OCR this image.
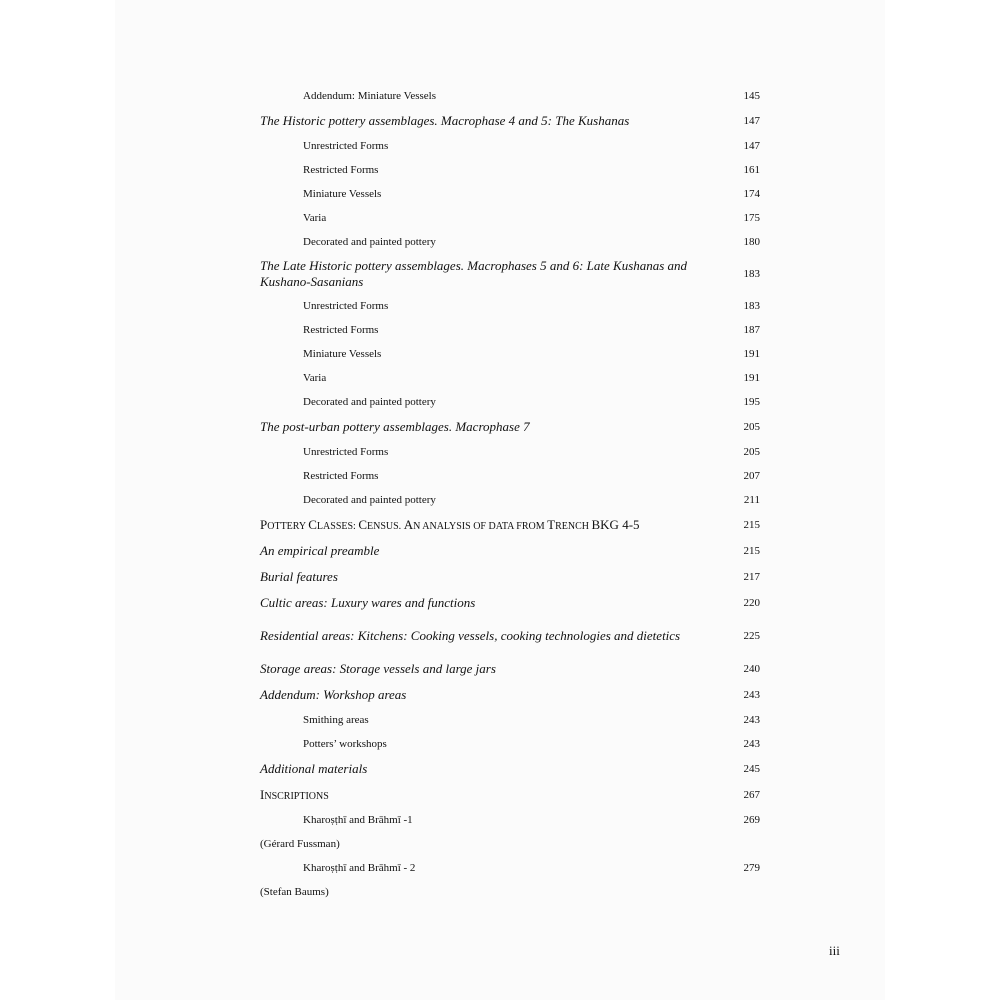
Addendum: Miniature Vessels	145
The Historic pottery assemblages. Macrophase 4 and 5: The Kushanas	147
Unrestricted Forms	147
Restricted Forms	161
Miniature Vessels	174
Varia	175
Decorated and painted pottery	180
The Late Historic pottery assemblages. Macrophases 5 and 6: Late Kushanas and Kushano-Sasanians	183
Unrestricted Forms	183
Restricted Forms	187
Miniature Vessels	191
Varia	191
Decorated and painted pottery	195
The post-urban pottery assemblages. Macrophase 7	205
Unrestricted Forms	205
Restricted Forms	207
Decorated and painted pottery	211
POTTERY CLASSES: CENSUS. AN ANALYSIS OF DATA FROM TRENCH BKG 4-5	215
An empirical preamble	215
Burial features	217
Cultic areas: Luxury wares and functions	220
Residential areas: Kitchens: Cooking vessels, cooking technologies and dietetics	225
Storage areas: Storage vessels and large jars	240
Addendum: Workshop areas	243
Smithing areas	243
Potters’ workshops	243
Additional materials	245
INSCRIPTIONS	267
Kharoṣṭhī and Brāhmī -1	269
(Gérard Fussman)
Kharoṣṭhī and Brāhmī - 2	279
(Stefan Baums)
iii
